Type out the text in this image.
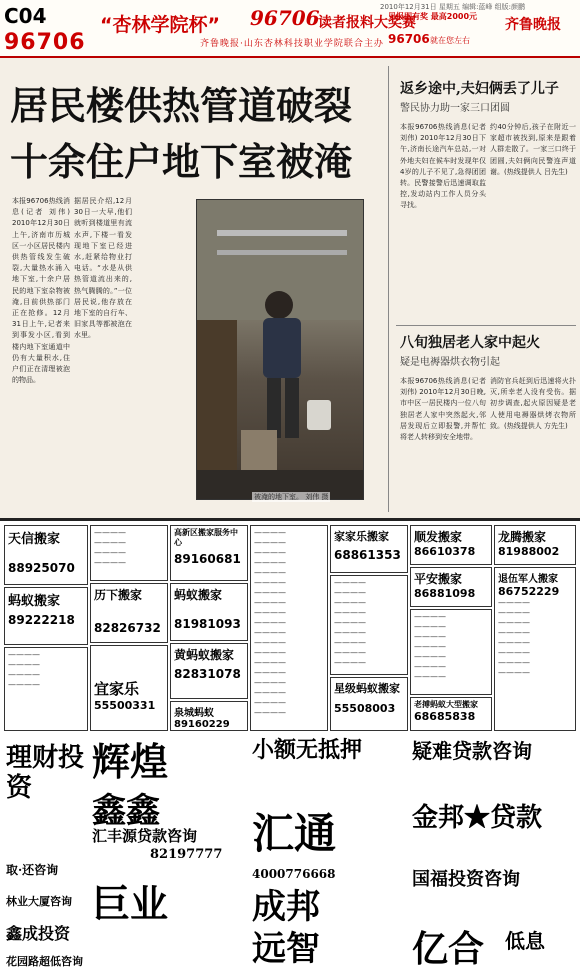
C04
96706
“杏林学院杯” 96706
读者报料大奖赛
齐鲁晚报·山东杏林科技职业学院联合主办
2010年12月31日 星期五 编辑:蓝峰 组版:颜鹏
见报即有奖 最高2000元
96706 就在您左右
齐鲁晚报
居民楼供热管道破裂 十余住户地下室被淹
本报96706热线消息(记者 刘伟) 2010年12月30日上午,济南市历城区一小区居民楼内供热管线发生破裂,大量热水涌入地下室,十余户居民的地下室杂物被淹,目前供热部门正在抢修。12月31日上午,记者来到事发小区,看到楼内地下室通道中仍有大量积水,住户们正在清理被泡的物品。
据居民介绍,12月30日一大早,他们就听到楼道里有流水声,下楼一看发现地下室已经进水,赶紧给物业打电话。“水是从供热管道流出来的,热气腾腾的。”一位居民说,他存放在地下室的自行车、旧家具等都被泡在水里。
被淹的地下室。 刘伟 摄
返乡途中,夫妇俩丢了儿子
警民协力助一家三口团圆
本报96706热线消息(记者 刘伟) 2010年12月30日下午,济南长途汽车总站,一对外地夫妇在候车时发现年仅4岁的儿子不见了,急得团团转。民警接警后迅速调取监控,发动站内工作人员分头寻找。
约40分钟后,孩子在附近一家超市被找到,原来是跟着人群走散了。一家三口终于团圆,夫妇俩向民警连声道谢。(热线提供人 吕先生)
八旬独居老人家中起火
疑是电褥器烘衣物引起
本报96706热线消息(记者 刘伟) 2010年12月30日晚,市中区一居民楼内一位八旬独居老人家中突然起火,邻居发现后立即报警,并帮忙将老人转移到安全地带。
消防官兵赶到后迅速将火扑灭,所幸老人没有受伤。据初步调查,起火原因疑是老人使用电褥器烘烤衣物所致。(热线提供人 方先生)
天信搬家
88925070
蚂蚁搬家
89222218
————
————
————
————
————
————
————
————
历下搬家
82826732
宜家乐
55500331
高新区搬家服务中心
89160681
蚂蚁搬家
81981093
黄蚂蚁搬家
82831078
泉城蚂蚁
89160229
————
————
————
————
————
————
————
————
————
————
————
————
————
————
————
————
————
————
————
家家乐搬家
68861353
————
————
————
————
————
————
————
————
————
星级蚂蚁搬家
55508003
顺发搬家
86610378
平安搬家
86881098
————
————
————
————
————
————
————
老搏蚂蚁大型搬家
68685838
龙腾搬家
81988002
退伍军人搬家
86752229
————
————
————
————
————
————
————
————
理财投资
取·还咨询
林业大厦咨询
鑫成投资
花园路超低咨询
辉煌
鑫鑫
汇丰源贷款咨询
82197777
巨业
小额无抵押
汇通
4000776668
成邦
远智
疑难贷款咨询
金邦★贷款
国福投资咨询
亿合 低息
